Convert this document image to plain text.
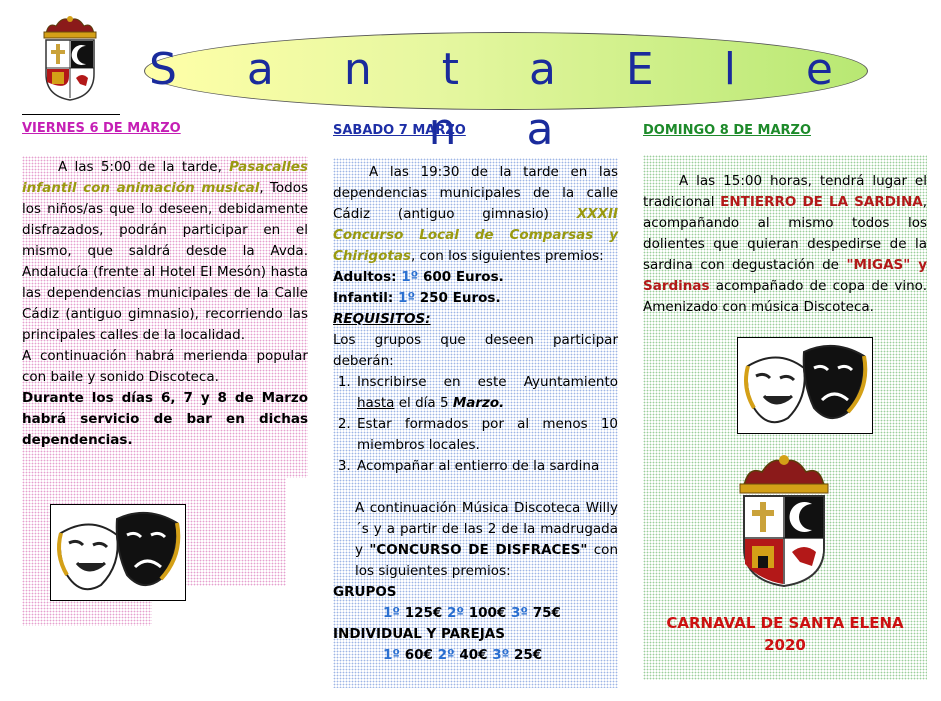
S a n t a E l e n a
VIERNES 6 DE MARZO	SABADO 7 MARZO	DOMINGO 8 DE MARZO

A las 5:00 de la tarde, Pasacalles infantil con animación musical, Todos los niños/as que lo deseen, debidamente disfrazados, podrán participar en el mismo, que saldrá desde la Avda. Andalucía (frente al Hotel El Mesón) hasta las dependencias municipales de la Calle Cádiz (antiguo gimnasio), recorriendo las principales calles de la localidad.

A continuación habrá merienda popular con baile y sonido Discoteca.

Durante los días 6, 7 y 8 de Marzo habrá servicio de bar en dichas dependencias.

A las 19:30 de la tarde en las dependencias municipales de la calle Cádiz (antiguo gimnasio) XXXII Concurso Local de Comparsas y Chirigotas, con los siguientes premios:

Adultos: 1º 600 Euros.

Infantil: 1º 250 Euros.

REQUISITOS:

Los grupos que deseen participar deberán:

1. Inscribirse en este Ayuntamiento hasta el día 5 Marzo.
2. Estar formados por al menos 10 miembros locales.
3. Acompañar al entierro de la sardina

A continuación Música Discoteca Willy´s y a partir de las 2 de la madrugada y "CONCURSO DE DISFRACES" con los siguientes premios:

GRUPOS

1º 125€ 2º 100€ 3º 75€

INDIVIDUAL Y PAREJAS

1º 60€ 2º 40€ 3º 25€

A las 15:00 horas, tendrá lugar el tradicional ENTIERRO DE LA SARDINA, acompañando al mismo todos los dolientes que quieran despedirse de la sardina con degustación de "MIGAS" y Sardinas acompañado de copa de vino. Amenizado con música Discoteca.

CARNAVAL DE SANTA ELENA
2020
